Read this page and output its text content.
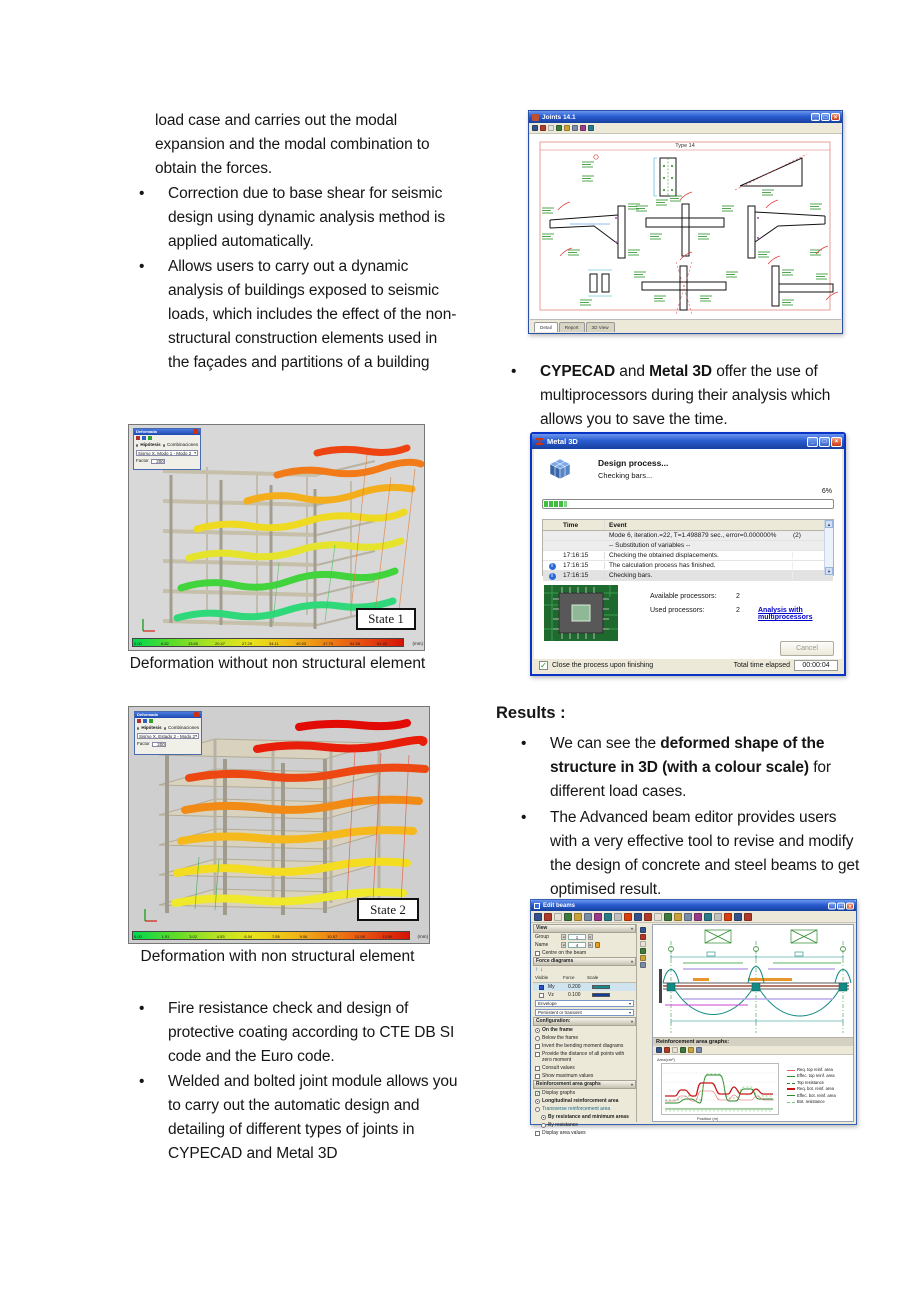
load case and carries out the modal expansion and the modal combination to obtain the forces.
• Correction due to base shear for seismic design using dynamic analysis method is applied automatically.
• Allows users to carry out a dynamic analysis of buildings exposed to seismic loads, which includes the effect of the non-structural construction elements used in the façades and partitions of a building
Deformada
Hipótesis Combinaciones
Sismo X, Modo 1 - Modo 2
▾
Factor	200
State 1
0.00	6.82	13.65	20.47	27.29	34.11	40.93	47.75	54.58	61.40	(mm)
Deformation without non structural element
Deformada
Hipótesis Combinaciones
Sismo X, Estado 2 - Modo 2
▾
Factor	200
State 2
0.00	1.51	3.02	4.53	6.04	7.55	9.06	10.57	12.08	13.59	(mm)
Deformation with non structural element
• Fire resistance check and design of protective coating according to CTE DB SI code and the Euro code.
• Welded and bolted joint module allows you to carry out the automatic design and detailing of different types of joints in CYPECAD and Metal 3D
Joints 14.1	_	□	×
Type 14
Detail	Report	3D View
• CYPECAD and Metal 3D offer the use of multiprocessors during their analysis which allows you to save the time.
Metal 3D	_	□	×
Design process...
Checking bars...
6%
Time	Event
Mode 6, iteration.=22, T=1.498879 sec., error=0.000000%	(2)
-- Substitution of variables --
17:16:15	Checking the obtained displacements.
i
17:16:15	The calculation process has finished.
i
17:16:15	Checking bars.
▲
▼
Available processors:	2
Used processors:	2	Analysis with multiprocessors
Cancel
✓ Close the process upon finishing	Total time elapsed	00:00:04
Results :
• We can see the deformed shape of the structure in 3D (with a colour scale) for different load cases.
• The Advanced beam editor provides users with a very effective tool to revise and modify the design of concrete and steel beams to get optimised result.
Edit beams	_ □ ×
View
▾
Group	◂	1	▸
Name	◂	4	▸
Centre on the beam
Force diagrams
▾
↑ ↓
Visible	Force	Scale
My	0.200
Vz	0.100
Envelope
▾
Persistent or transient
▾
Configuration:
▾
On the frame
Below the frame
Invert the bending moment diagrams
Provide the distance of all points with zero moment
Consult values
Show maximum values
Reinforcement area graphs
▾
✓
Display graphs
Longitudinal reinforcement area
Transverse reinforcement area
By resistance and minimum areas
By resistance
Display area values
Reinforcement area graphs:
Area(cm²)
Position (m)
Req. top reinf. area
Effec. top reinf. area
Top resistance
Req. bot. reinf. area
Effec. bot. reinf. area
Bot. resistance
